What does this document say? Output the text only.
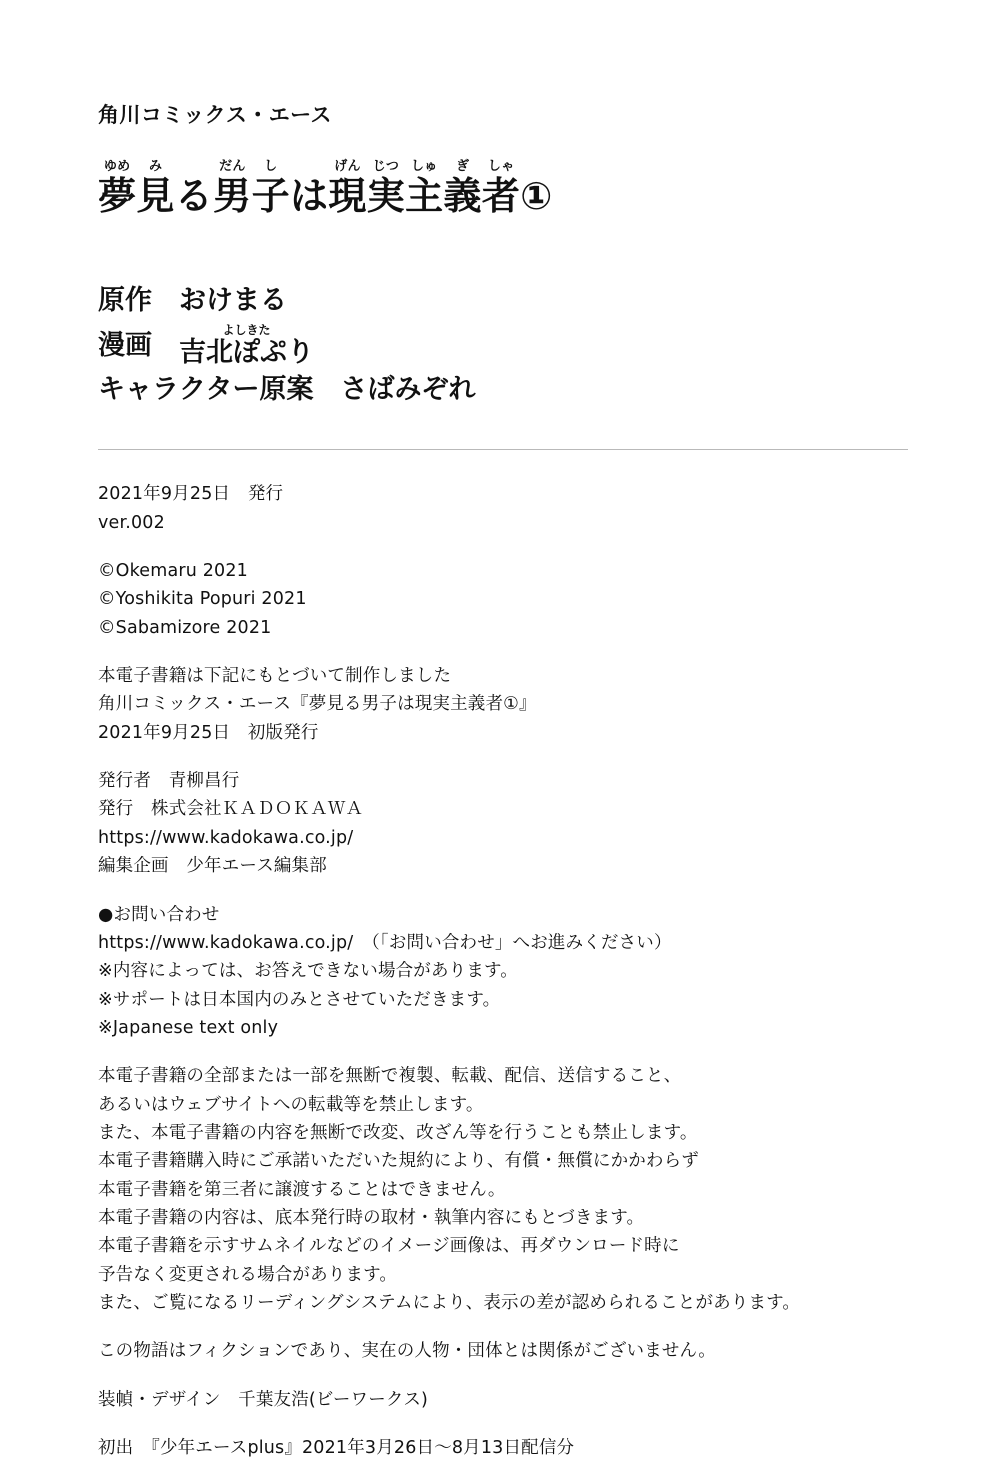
角川コミックス・エース
ゆめ
夢
み
見 る
だん
男
し
子 は
げん
現
じつ
実
しゅ
主
ぎ
義
しゃ
者 ①
原作
　 おけまる
漫画
　	よしきた
吉北ぽぷり
キャラクター原案
　 さばみぞれ
2021年9月25日　発行
ver.002
©Okemaru 2021
©Yoshikita Popuri 2021
©Sabamizore 2021
本電子書籍は下記にもとづいて制作しました
角川コミックス・エース『夢見る男子は現実主義者①』
2021年9月25日　初版発行
発行者　青柳昌行
発行　株式会社ＫＡＤＯＫＡＷＡ
https://www.kadokawa.co.jp/
編集企画　少年エース編集部
●お問い合わせ
https://www.kadokawa.co.jp/　（「お問い合わせ」へお進みください）
※内容によっては、お答えできない場合があります。
※サポートは日本国内のみとさせていただきます。
※Japanese text only
本電子書籍の全部または一部を無断で複製、転載、配信、送信すること、
あるいはウェブサイトへの転載等を禁止します。
また、本電子書籍の内容を無断で改変、改ざん等を行うことも禁止します。
本電子書籍購入時にご承諾いただいた規約により、有償・無償にかかわらず
本電子書籍を第三者に譲渡することはできません。
本電子書籍の内容は、底本発行時の取材・執筆内容にもとづきます。
本電子書籍を示すサムネイルなどのイメージ画像は、再ダウンロード時に
予告なく変更される場合があります。
また、ご覧になるリーディングシステムにより、表示の差が認められることがあります。
この物語はフィクションであり、実在の人物・団体とは関係がございません。
装幀・デザイン　千葉友浩(ビーワークス)
初出　『少年エースplus』2021年3月26日〜8月13日配信分
